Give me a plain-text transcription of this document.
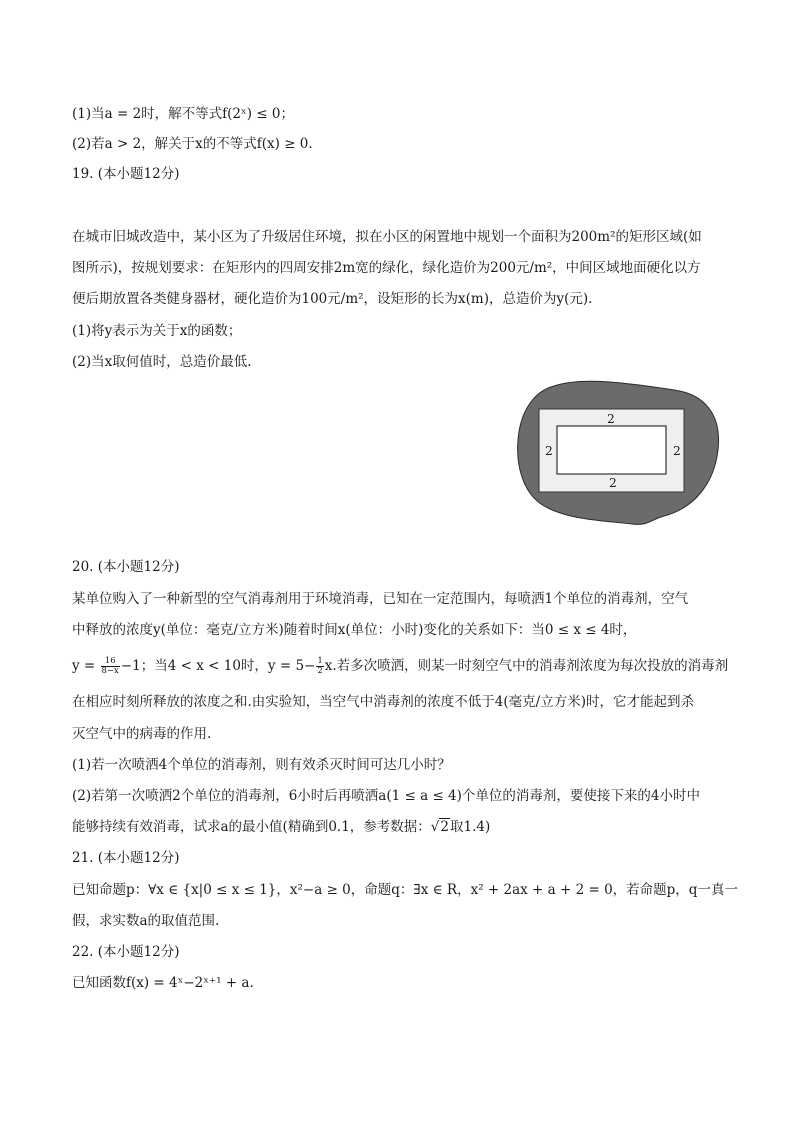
(1)当a = 2时，解不等式f(2ˣ) ≤ 0；
(2)若a > 2，解关于x的不等式f(x) ≥ 0.
19. (本小题12分)
在城市旧城改造中，某小区为了升级居住环境，拟在小区的闲置地中规划一个面积为200m²的矩形区域(如
图所示)，按规划要求：在矩形内的四周安排2m宽的绿化，绿化造价为200元/m²，中间区域地面硬化以方
便后期放置各类健身器材，硬化造价为100元/m²，设矩形的长为x(m)，总造价为y(元).
(1)将y表示为关于x的函数；
(2)当x取何值时，总造价最低.
2
2
2	2
20. (本小题12分)
某单位购入了一种新型的空气消毒剂用于环境消毒，已知在一定范围内，每喷洒1个单位的消毒剂，空气
中释放的浓度y(单位：毫克/立方米)随着时间x(单位：小时)变化的关系如下：当0 ≤ x ≤ 4时，
$y = \frac{16}{8-x} -1$；当4 < x < 10时，$y = 5- \frac{1}{2} x$.若多次喷洒，则某一时刻空气中的消毒剂浓度为每次投放的消毒剂
在相应时刻所释放的浓度之和.由实验知，当空气中消毒剂的浓度不低于4(毫克/立方米)时，它才能起到杀
灭空气中的病毒的作用.
(1)若一次喷洒4个单位的消毒剂，则有效杀灭时间可达几小时？
(2)若第一次喷洒2个单位的消毒剂，6小时后再喷洒a(1 ≤ a ≤ 4)个单位的消毒剂，要使接下来的4小时中
能够持续有效消毒，试求a的最小值(精确到0.1，参考数据：√2取1.4)
21. (本小题12分)
已知命题p：∀x ∈ {x|0 ≤ x ≤ 1}，x²−a ≥ 0，命题q：∃x ∈ R，x² + 2ax + a + 2 = 0，若命题p，q一真一
假，求实数a的取值范围.
22. (本小题12分)
已知函数f(x) = 4ˣ−2ˣ⁺¹ + a.
